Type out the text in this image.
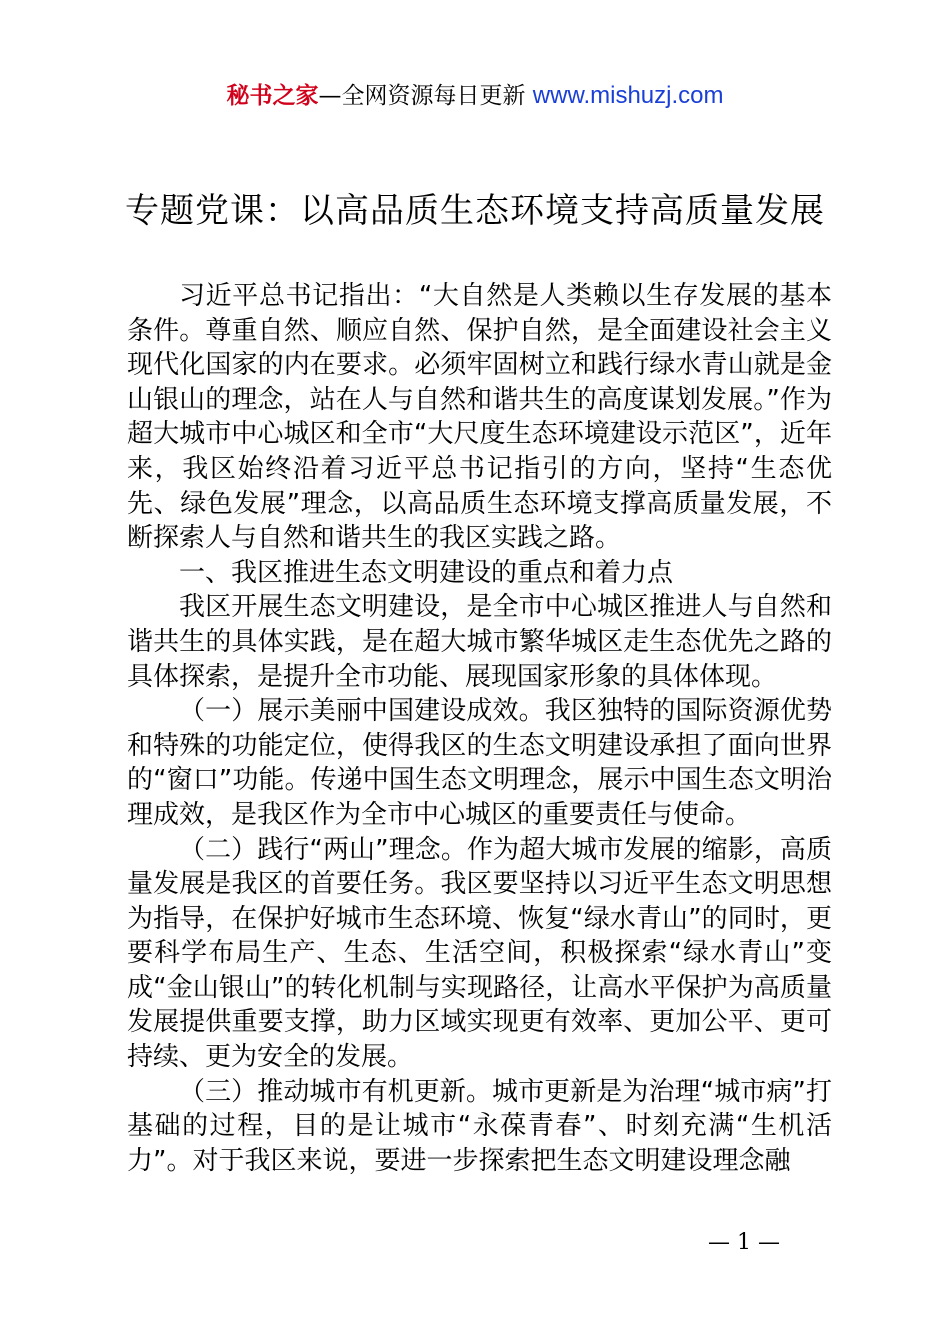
秘书之家—全网资源每日更新 www.mishuzj.com
专题党课：以高品质生态环境支持高质量发展

习近平总书记指出：“大自然是人类赖以生存发展的基本条件。尊重自然、顺应自然、保护自然，是全面建设社会主义现代化国家的内在要求。必须牢固树立和践行绿水青山就是金山银山的理念，站在人与自然和谐共生的高度谋划发展。”作为超大城市中心城区和全市“大尺度生态环境建设示范区”，近年来，我区始终沿着习近平总书记指引的方向，坚持“生态优先、绿色发展”理念，以高品质生态环境支撑高质量发展，不断探索人与自然和谐共生的我区实践之路。

一、我区推进生态文明建设的重点和着力点

我区开展生态文明建设，是全市中心城区推进人与自然和谐共生的具体实践，是在超大城市繁华城区走生态优先之路的具体探索，是提升全市功能、展现国家形象的具体体现。

（一）展示美丽中国建设成效。我区独特的国际资源优势和特殊的功能定位，使得我区的生态文明建设承担了面向世界的“窗口”功能。传递中国生态文明理念，展示中国生态文明治理成效，是我区作为全市中心城区的重要责任与使命。

（二）践行“两山”理念。作为超大城市发展的缩影，高质量发展是我区的首要任务。我区要坚持以习近平生态文明思想为指导，在保护好城市生态环境、恢复“绿水青山”的同时，更要科学布局生产、生态、生活空间，积极探索“绿水青山”变成“金山银山”的转化机制与实现路径，让高水平保护为高质量发展提供重要支撑，助力区域实现更有效率、更加公平、更可持续、更为安全的发展。

（三）推动城市有机更新。城市更新是为治理“城市病”打基础的过程，目的是让城市“永葆青春”、时刻充满“生机活力”。对于我区来说，要进一步探索把生态文明建设理念融

— 1 —
